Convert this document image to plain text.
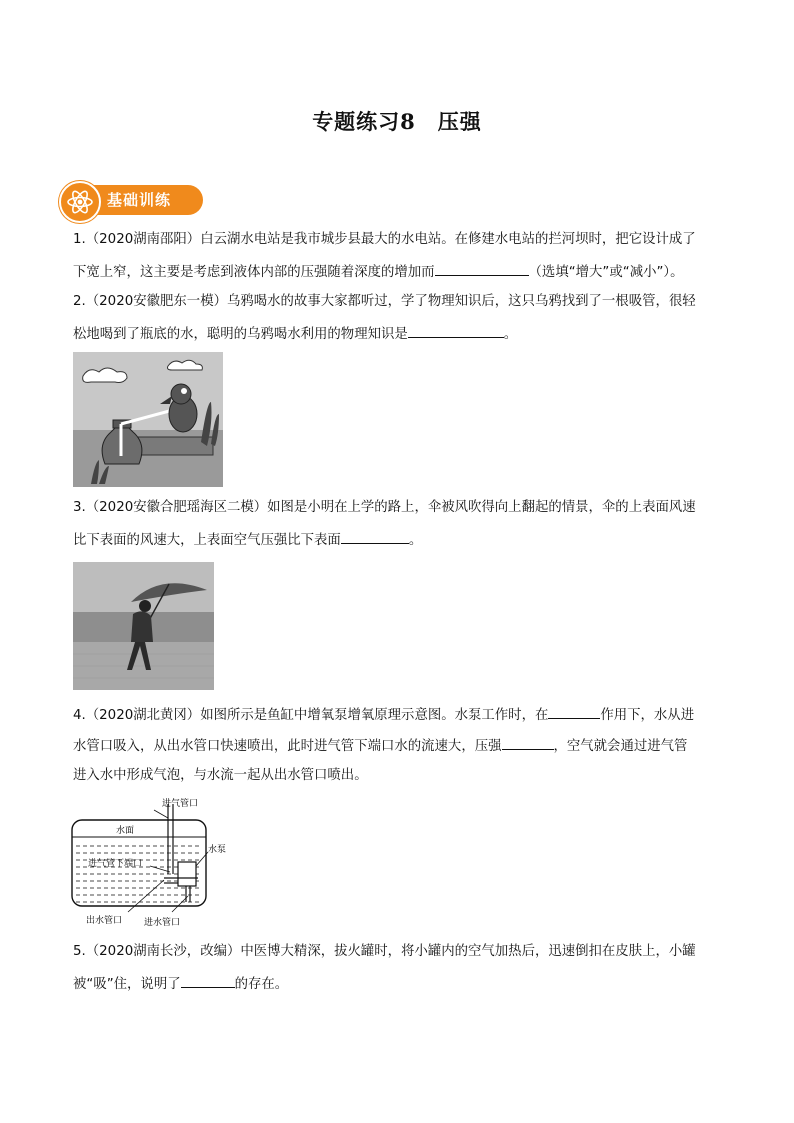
专题练习8　压强
基础训练
1.（2020湖南邵阳）白云湖水电站是我市城步县最大的水电站。在修建水电站的拦河坝时，把它设计成了
下宽上窄，这主要是考虑到液体内部的压强随着深度的增加而	（选填“增大”或“减小”）。
2.（2020安徽肥东一模）乌鸦喝水的故事大家都听过，学了物理知识后，这只乌鸦找到了一根吸管，很轻
松地喝到了瓶底的水，聪明的乌鸦喝水利用的物理知识是	。
3.（2020安徽合肥瑶海区二模）如图是小明在上学的路上，伞被风吹得向上翻起的情景，伞的上表面风速
比下表面的风速大，上表面空气压强比下表面	。
4.（2020湖北黄冈）如图所示是鱼缸中增氧泵增氧原理示意图。水泵工作时，在	作用下，水从进
水管口吸入，从出水管口快速喷出，此时进气管下端口水的流速大，压强	，空气就会通过进气管
进入水中形成气泡，与水流一起从出水管口喷出。
进气管口
水面
水泵
进气管下端口
出水管口 进水管口
5.（2020湖南长沙，改编）中医博大精深，拔火罐时，将小罐内的空气加热后，迅速倒扣在皮肤上，小罐
被“吸”住，说明了	的存在。
